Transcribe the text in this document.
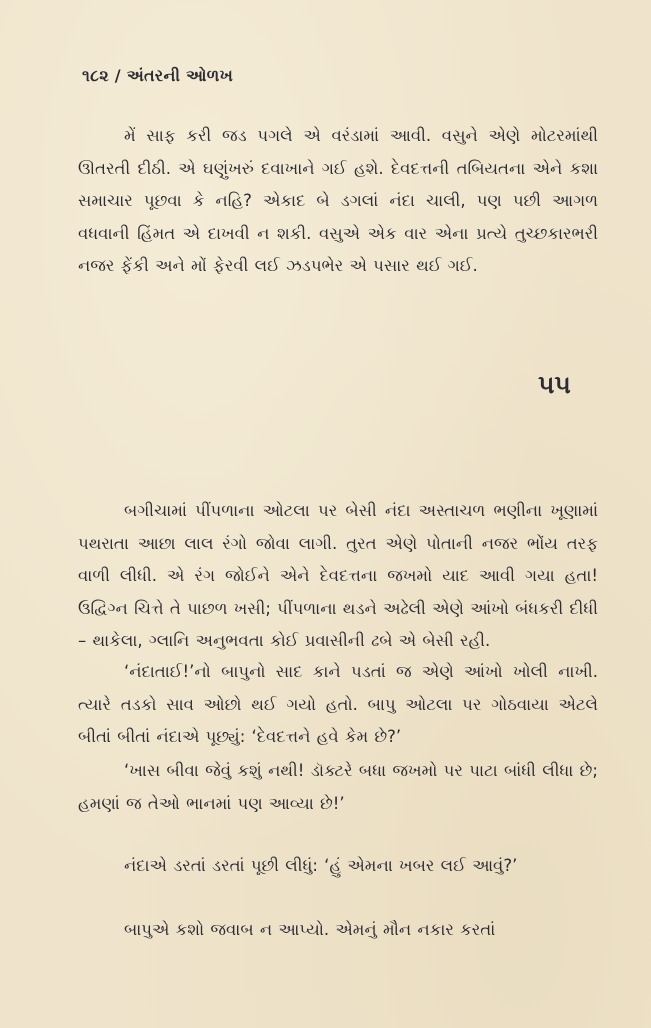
૧૮૨ / અંતરની ઓળખ
મેં સાફ કરી જડ પગલે એ વરંડામાં આવી. વસુને એણે મોટરમાંથી ઊતરતી દીઠી. એ ઘણુંખરું દવાખાને ગઈ હશે. દેવદત્તની તબિયતના એને કશા સમાચાર પૂછવા કે નહિ? એકાદ બે ડગલાં નંદા ચાલી, પણ પછી આગળ વધવાની હિંમત એ દાખવી ન શકી. વસુએ એક વાર એના પ્રત્યે તુચ્છકારભરી નજર ફેંકી અને મોં ફેરવી લઈ ઝડપભેર એ પસાર થઈ ગઈ.
૫૫
બગીચામાં પીંપળાના ઓટલા પર બેસી નંદા અસ્તાચળ ભણીના ખૂણામાં પથરાતા આછા લાલ રંગો જોવા લાગી. તુરત એણે પોતાની નજર ભોંય તરફ વાળી લીધી. એ રંગ જોઈને એને દેવદત્તના જખમો યાદ આવી ગયા હતા! ઉદ્વિગ્ન ચિત્તે તે પાછળ ખસી; પીંપળાના થડને અઢેલી એણે આંખો બંધકરી દીધી – થાકેલા, ગ્લાનિ અનુભવતા કોઈ પ્રવાસીની ઢબે એ બેસી રહી.
‘નંદાતાઈ!’નો બાપુનો સાદ કાને પડતાં જ એણે આંખો ખોલી નાખી. ત્યારે તડકો સાવ ઓછો થઈ ગયો હતો. બાપુ ઓટલા પર ગોઠવાયા એટલે બીતાં બીતાં નંદાએ પૂછ્યું: ‘દેવદત્તને હવે કેમ છે?’
‘ખાસ બીવા જેવું કશું નથી! ડૉક્ટરે બધા જખમો પર પાટા બાંધી લીધા છે; હમણાં જ તેઓ ભાનમાં પણ આવ્યા છે!’
નંદાએ ડરતાં ડરતાં પૂછી લીધું: ‘હું એમના ખબર લઈ આવું?’
બાપુએ કશો જવાબ ન આપ્યો. એમનું મૌન નકાર કરતાં
